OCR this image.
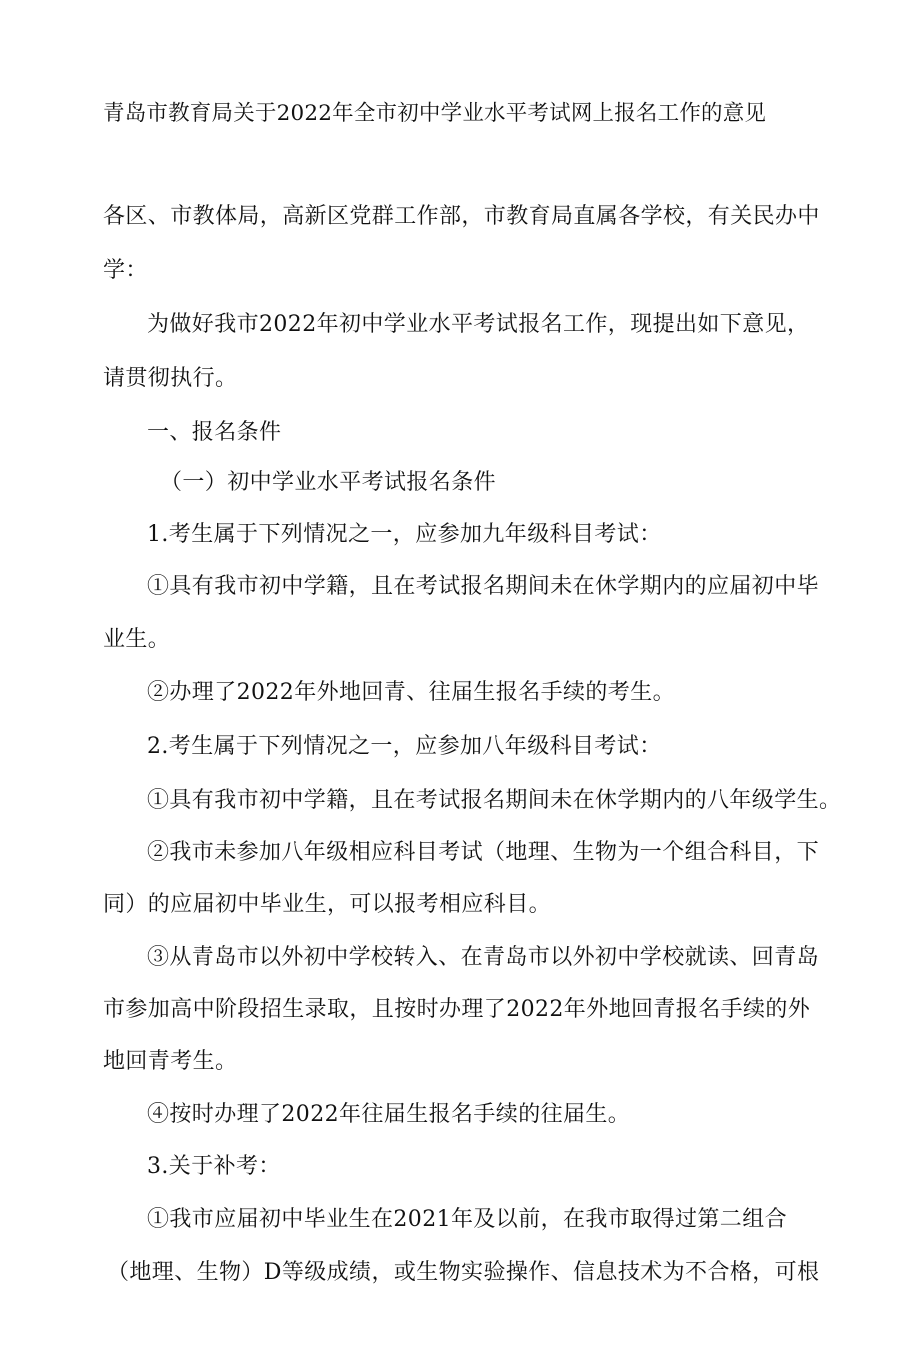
青岛市教育局关于2022年全市初中学业水平考试网上报名工作的意见
各区、市教体局，高新区党群工作部，市教育局直属各学校，有关民办中
学：
为做好我市2022年初中学业水平考试报名工作，现提出如下意见，
请贯彻执行。
一、报名条件
（一）初中学业水平考试报名条件
1.考生属于下列情况之一，应参加九年级科目考试：
①具有我市初中学籍，且在考试报名期间未在休学期内的应届初中毕
业生。
②办理了2022年外地回青、往届生报名手续的考生。
2.考生属于下列情况之一，应参加八年级科目考试：
①具有我市初中学籍，且在考试报名期间未在休学期内的八年级学生。
②我市未参加八年级相应科目考试（地理、生物为一个组合科目，下
同）的应届初中毕业生，可以报考相应科目。
③从青岛市以外初中学校转入、在青岛市以外初中学校就读、回青岛
市参加高中阶段招生录取，且按时办理了2022年外地回青报名手续的外
地回青考生。
④按时办理了2022年往届生报名手续的往届生。
3.关于补考：
①我市应届初中毕业生在2021年及以前，在我市取得过第二组合
（地理、生物）D等级成绩，或生物实验操作、信息技术为不合格，可根
